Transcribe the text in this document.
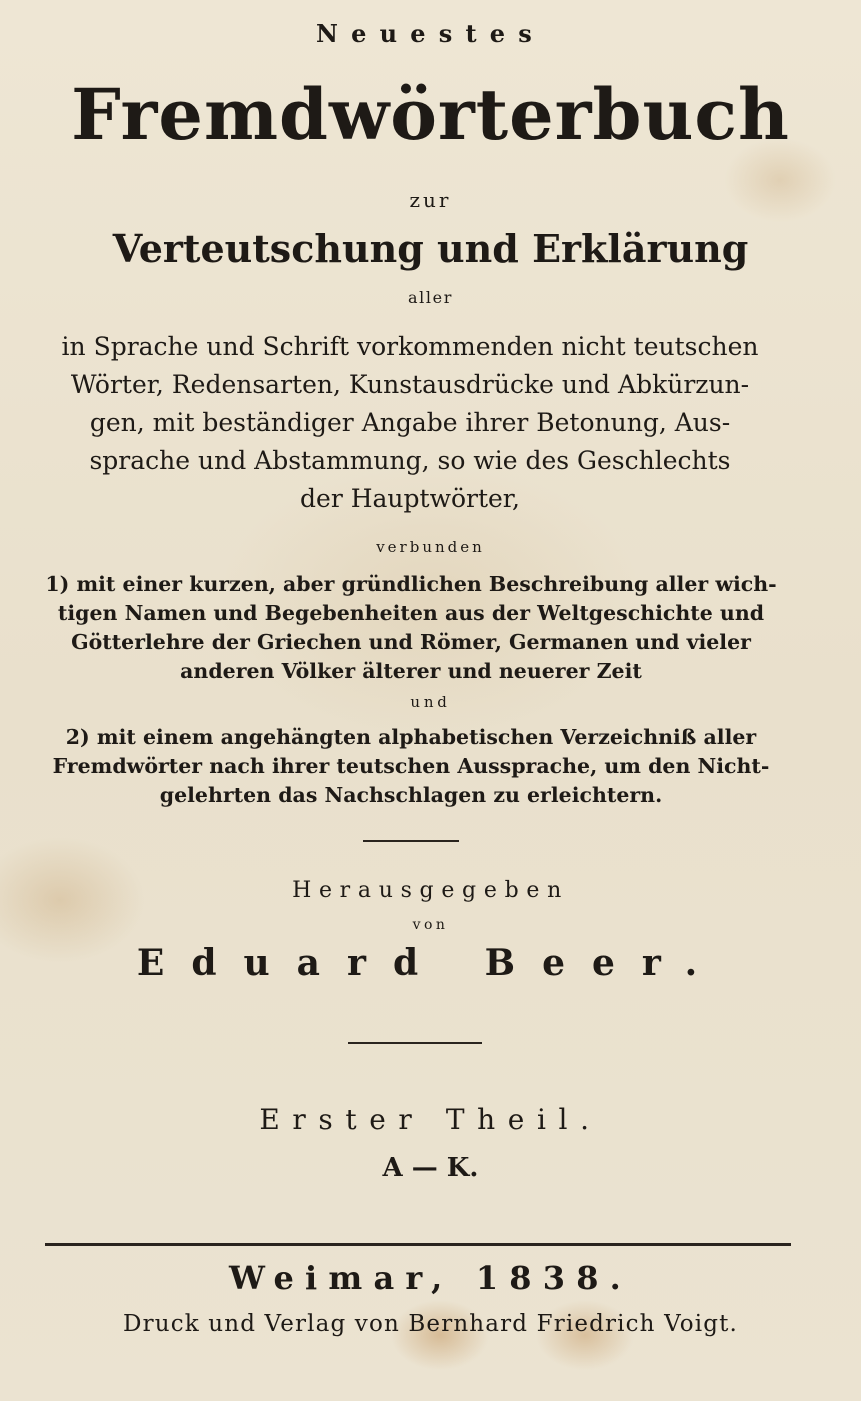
Neuestes
Fremdwörterbuch
zur
Verteutschung und Erklärung
aller
in Sprache und Schrift vorkommenden nicht teutschen
Wörter, Redensarten, Kunstausdrücke und Abkürzun-
gen, mit beständiger Angabe ihrer Betonung, Aus-
sprache und Abstammung, so wie des Geschlechts
der Hauptwörter,
verbunden
1) mit einer kurzen, aber gründlichen Beschreibung aller wich-
tigen Namen und Begebenheiten aus der Weltgeschichte und
Götterlehre der Griechen und Römer, Germanen und vieler
anderen Völker älterer und neuerer Zeit
und
2) mit einem angehängten alphabetischen Verzeichniß aller
Fremdwörter nach ihrer teutschen Aussprache, um den Nicht-
gelehrten das Nachschlagen zu erleichtern.
Herausgegeben
von
Eduard Beer.
Erster Theil.
A — K.
Weimar, 1838.
Druck und Verlag von Bernhard Friedrich Voigt.
